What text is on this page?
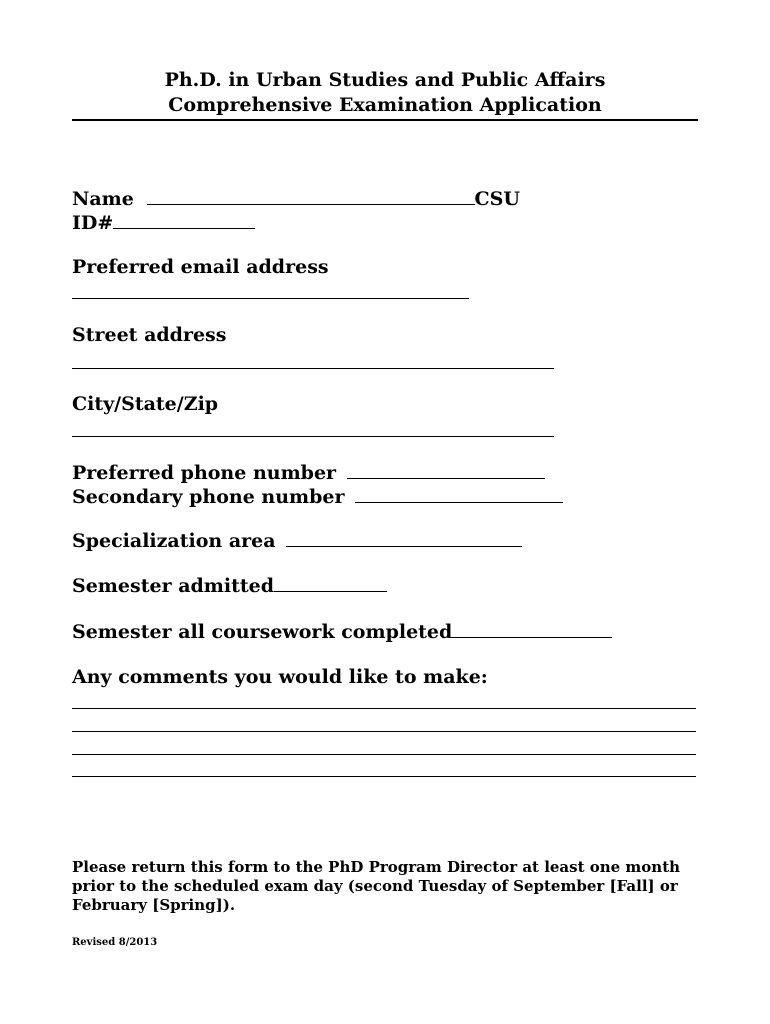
Ph.D. in Urban Studies and Public Affairs
Comprehensive Examination Application
Name	CSU
ID#
Preferred email address
Street address
City/State/Zip
Preferred phone number
Secondary phone number
Specialization area
Semester admitted
Semester all coursework completed
Any comments you would like to make:
Please return this form to the PhD Program Director at least one month prior to the scheduled exam day (second Tuesday of September [Fall] or February [Spring]).
Revised 8/2013
